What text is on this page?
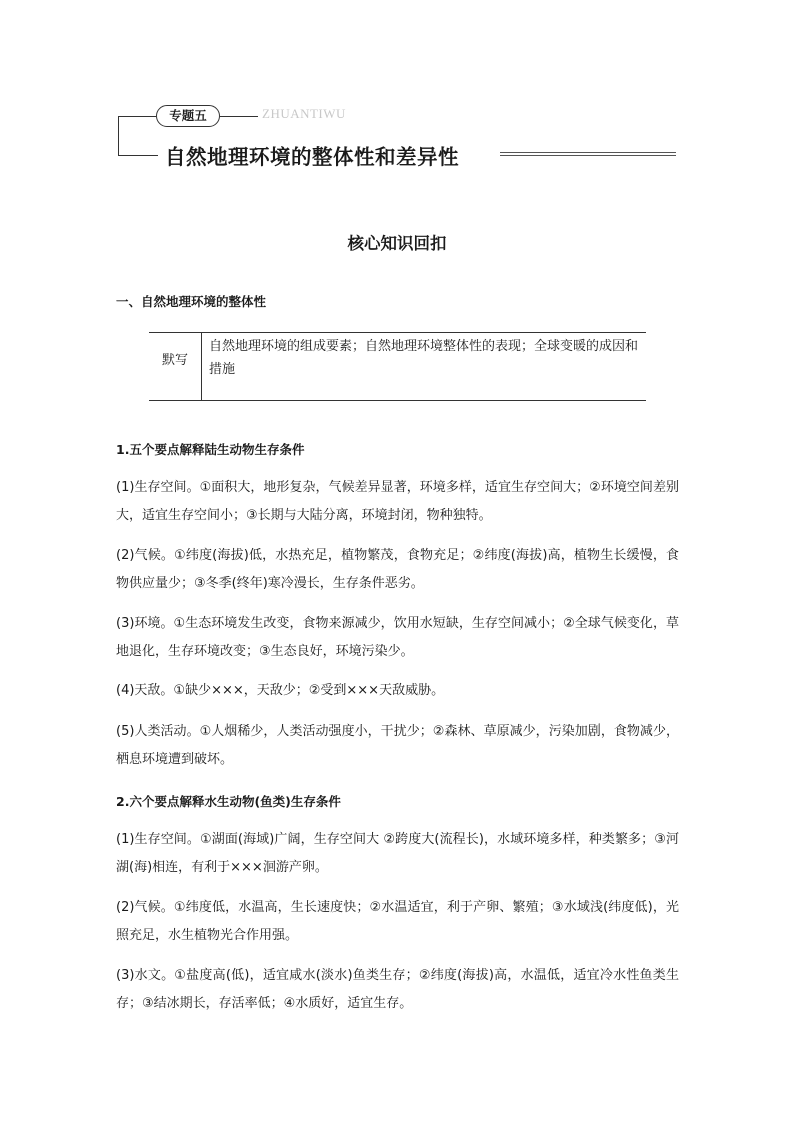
专题五	ZHUANTIWU
自然地理环境的整体性和差异性
核心知识回扣
一、自然地理环境的整体性
默写
自然地理环境的组成要素；自然地理环境整体性的表现；全球变暖的成因和措施
1.五个要点解释陆生动物生存条件
(1)生存空间。①面积大，地形复杂，气候差异显著，环境多样，适宜生存空间大；②环境空间差别大，适宜生存空间小；③长期与大陆分离，环境封闭，物种独特。
(2)气候。①纬度(海拔)低，水热充足，植物繁茂，食物充足；②纬度(海拔)高，植物生长缓慢，食物供应量少；③冬季(终年)寒冷漫长，生存条件恶劣。
(3)环境。①生态环境发生改变，食物来源减少，饮用水短缺，生存空间减小；②全球气候变化，草地退化，生存环境改变；③生态良好，环境污染少。
(4)天敌。①缺少×××，天敌少；②受到×××天敌威胁。
(5)人类活动。①人烟稀少，人类活动强度小，干扰少；②森林、草原减少，污染加剧，食物减少，栖息环境遭到破坏。
2.六个要点解释水生动物(鱼类)生存条件
(1)生存空间。①湖面(海域)广阔，生存空间大 ②跨度大(流程长)，水域环境多样，种类繁多；③河湖(海)相连，有利于×××洄游产卵。
(2)气候。①纬度低，水温高，生长速度快；②水温适宜，利于产卵、繁殖；③水域浅(纬度低)，光照充足，水生植物光合作用强。
(3)水文。①盐度高(低)，适宜咸水(淡水)鱼类生存；②纬度(海拔)高，水温低，适宜冷水性鱼类生存；③结冰期长，存活率低；④水质好，适宜生存。
